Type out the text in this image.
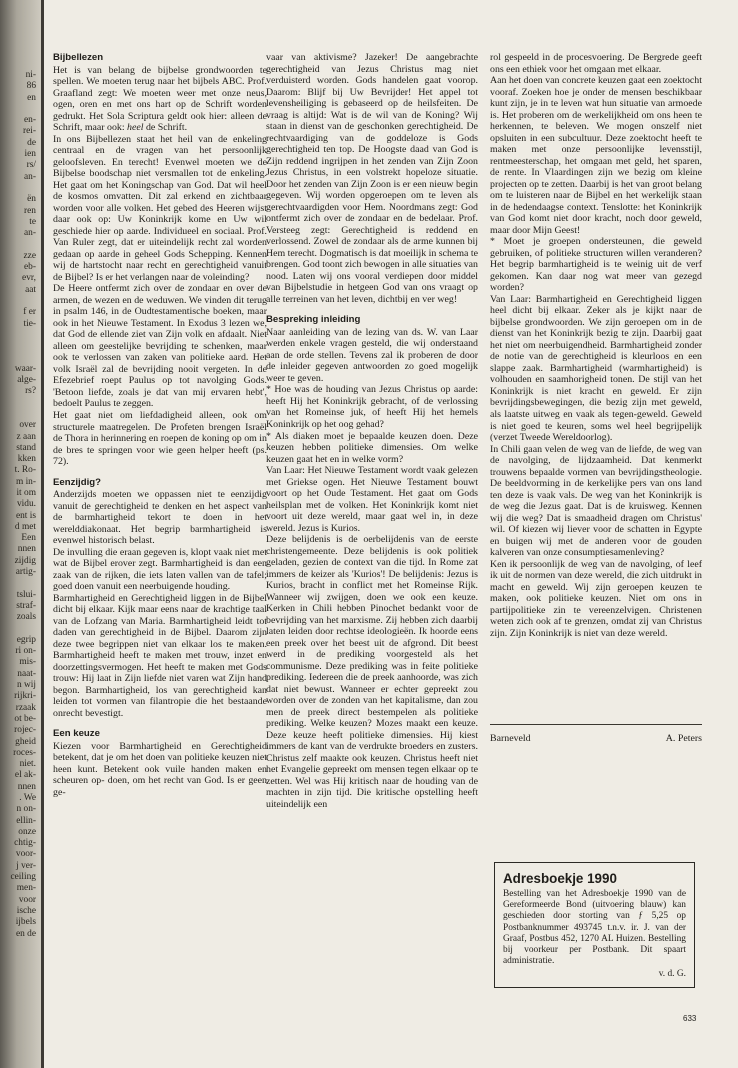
ni-
86
en

en-
rei-
de
ien
rs/
an-

ën
ren
te
an-

zze
eb-
evr,
aat

f er
tie-

waar-
alge-
rs?

over
z aan
stand
kken
t. Ro-
m in-
it om
vidu.
ent is
d met
Een
nnen
zijdig
artig-

tslui-
straf-
zoals

egrip
ri on-
mis-
naat-
n wij
rijkri-
rzaak
ot be-
rojec-
gheid
roces-
niet.
el ak-
nnen
. We
n on-
ellin-
onze
chtig-
voor-
j ver-
ceiling
men-
voor
ische
ijbels
en de

Bijbellezen

Het is van belang de bijbelse grondwoorden te spellen. We moeten terug naar het bijbels ABC. Prof. Graafland zegt: We moeten weer met onze neus, ogen, oren en met ons hart op de Schrift worden gedrukt. Het Sola Scriptura geldt ook hier: alleen de Schrift, maar ook: heel de Schrift.

In ons Bijbellezen staat het heil van de enkeling centraal en de vragen van het persoonlijk geloofsleven. En terecht! Evenwel moeten we de Bijbelse boodschap niet versmallen tot de enkeling. Het gaat om het Koningschap van God. Dat wil heel de kosmos omvatten. Dit zal erkend en zichtbaar worden voor alle volken. Het gebed des Heeren wijst daar ook op: Uw Koninkrijk kome en Uw wil geschiede hier op aarde. Individueel en sociaal. Prof. Van Ruler zegt, dat er uiteindelijk recht zal worden gedaan op aarde in geheel Gods Schepping. Kennen wij de hartstocht naar recht en gerechtigheid vanuit de Bijbel? Is er het verlangen naar de voleinding?

De Heere ontfermt zich over de zondaar en over de armen, de wezen en de weduwen. We vinden dit terug in psalm 146, in de Oudtestamentische boeken, maar ook in het Nieuwe Testament. In Exodus 3 lezen we, dat God de ellende ziet van Zijn volk en afdaalt. Niet alleen om geestelijke bevrijding te schenken, maar ook te verlossen van zaken van politieke aard. Het volk Israël zal de bevrijding nooit vergeten. In de Efezebrief roept Paulus op tot navolging Gods. 'Betoon liefde, zoals je dat van mij ervaren hebt', bedoelt Paulus te zeggen.

Het gaat niet om liefdadigheid alleen, ook om structurele maatregelen. De Profeten brengen Israël de Thora in herinnering en roepen de koning op om in de bres te springen voor wie geen helper heeft (ps. 72).

Eenzijdig?

Anderzijds moeten we oppassen niet te eenzijdig vanuit de gerechtigheid te denken en het aspect van de barmhartigheid tekort te doen in het werelddiakonaat. Het begrip barmhartigheid is evenwel historisch belast.

De invulling die eraan gegeven is, klopt vaak niet met wat de Bijbel erover zegt. Barmhartigheid is dan een zaak van de rijken, die iets laten vallen van de tafel; goed doen vanuit een neerbuigende houding.

Barmhartigheid en Gerechtigheid liggen in de Bijbel dicht bij elkaar. Kijk maar eens naar de krachtige taal van de Lofzang van Maria. Barmhartigheid leidt tot daden van gerechtigheid in de Bijbel. Daarom zijn deze twee begrippen niet van elkaar los te maken. Barmhartigheid heeft te maken met trouw, inzet en doorzettingsvermogen. Het heeft te maken met Gods trouw: Hij laat in Zijn liefde niet varen wat Zijn hand begon. Barmhartigheid, los van gerechtigheid kan leiden tot vormen van filantropie die het bestaande onrecht bevestigt.

Een keuze

Kiezen voor Barmhartigheid en Gerechtigheid betekent, dat je om het doen van politieke keuzen niet heen kunt. Betekent ook vuile handen maken en scheuren op- doen, om het recht van God. Is er geen ge-

vaar van aktivisme? Jazeker! De aangebrachte gerechtigheid van Jezus Christus mag niet verduisterd worden. Gods handelen gaat voorop. Daarom: Blijf bij Uw Bevrijder! Het appel tot levensheiliging is gebaseerd op de heilsfeiten. De vraag is altijd: Wat is de wil van de Koning? Wij staan in dienst van de geschonken gerechtigheid. De rechtvaardiging van de goddeloze is Gods gerechtigheid ten top. De Hoogste daad van God is Zijn reddend ingrijpen in het zenden van Zijn Zoon Jezus Christus, in een volstrekt hopeloze situatie. Door het zenden van Zijn Zoon is er een nieuw begin gegeven. Wij worden opgeroepen om te leven als gerechtvaardigden voor Hem. Noordmans zegt: God ontfermt zich over de zondaar en de bedelaar. Prof. Versteeg zegt: Gerechtigheid is reddend en verlossend. Zowel de zondaar als de arme kunnen bij Hem terecht. Dogmatisch is dat moeilijk in schema te brengen. God toont zich bewogen in alle situaties van nood. Laten wij ons vooral verdiepen door middel van Bijbelstudie in hetgeen God van ons vraagt op alle terreinen van het leven, dichtbij en ver weg!

Bespreking inleiding

Naar aanleiding van de lezing van ds. W. van Laar werden enkele vragen gesteld, die wij onderstaand aan de orde stellen. Tevens zal ik proberen de door de inleider gegeven antwoorden zo goed mogelijk weer te geven.

* Hoe was de houding van Jezus Christus op aarde: heeft Hij het Koninkrijk gebracht, of de verlossing van het Romeinse juk, of heeft Hij het hemels Koninkrijk op het oog gehad?

* Als diaken moet je bepaalde keuzen doen. Deze keuzen hebben politieke dimensies. Om welke keuzen gaat het en in welke vorm?

Van Laar: Het Nieuwe Testament wordt vaak gelezen met Griekse ogen. Het Nieuwe Testament bouwt voort op het Oude Testament. Het gaat om Gods heilsplan met de volken. Het Koninkrijk komt niet voort uit deze wereld, maar gaat wel in, in deze wereld. Jezus is Kurios.

Deze belijdenis is de oerbelijdenis van de eerste christengemeente. Deze belijdenis is ook politiek geladen, gezien de context van die tijd. In Rome zat immers de keizer als 'Kurios'! De belijdenis: Jezus is Kurios, bracht in conflict met het Romeinse Rijk. Wanneer wij zwijgen, doen we ook een keuze. Kerken in Chili hebben Pinochet bedankt voor de bevrijding van het marxisme. Zij hebben zich daarbij laten leiden door rechtse ideologieën. Ik hoorde eens een preek over het beest uit de afgrond. Dit beest werd in de prediking voorgesteld als het communisme. Deze prediking was in feite politieke prediking. Iedereen die de preek aanhoorde, was zich dat niet bewust. Wanneer er echter gepreekt zou worden over de zonden van het kapitalisme, dan zou men de preek direct bestempelen als politieke prediking. Welke keuzen? Mozes maakt een keuze. Deze keuze heeft politieke dimensies. Hij kiest immers de kant van de verdrukte broeders en zusters. Christus zelf maakte ook keuzen. Christus heeft niet het Evangelie gepreekt om mensen tegen elkaar op te zetten. Wel was Hij kritisch naar de houding van de machten in zijn tijd. Die kritische opstelling heeft uiteindelijk een

rol gespeeld in de procesvoering. De Bergrede geeft ons een ethiek voor het omgaan met elkaar.

Aan het doen van concrete keuzen gaat een zoektocht vooraf. Zoeken hoe je onder de mensen beschikbaar kunt zijn, je in te leven wat hun situatie van armoede is. Het proberen om de werkelijkheid om ons heen te herkennen, te beleven. We mogen onszelf niet opsluiten in een subcultuur. Deze zoektocht heeft te maken met onze persoonlijke levensstijl, rentmeesterschap, het omgaan met geld, het sparen, de rente. In Vlaardingen zijn we bezig om kleine projecten op te zetten. Daarbij is het van groot belang om te luisteren naar de Bijbel en het werkelijk staan in de hedendaagse context. Tenslotte: het Koninkrijk van God komt niet door kracht, noch door geweld, maar door Mijn Geest!

* Moet je groepen ondersteunen, die geweld gebruiken, of politieke structuren willen veranderen? Het begrip barmhartigheid is te weinig uit de verf gekomen. Kan daar nog wat meer van gezegd worden?

Van Laar: Barmhartigheid en Gerechtigheid liggen heel dicht bij elkaar. Zeker als je kijkt naar de bijbelse grondwoorden. We zijn geroepen om in de dienst van het Koninkrijk bezig te zijn. Daarbij gaat het niet om neerbuigendheid. Barmhartigheid zonder de notie van de gerechtigheid is kleurloos en een slappe zaak. Barmhartigheid (warmhartigheid) is volhouden en saamhorigheid tonen. De stijl van het Koninkrijk is niet kracht en geweld. Er zijn bevrijdingsbewegingen, die bezig zijn met geweld, als laatste uitweg en vaak als tegen-geweld. Geweld is niet goed te keuren, soms wel heel begrijpelijk (verzet Tweede Wereldoorlog).

In Chili gaan velen de weg van de liefde, de weg van de navolging, de lijdzaamheid. Dat kenmerkt trouwens bepaalde vormen van bevrijdingstheologie. De beeldvorming in de kerkelijke pers van ons land ten deze is vaak vals. De weg van het Koninkrijk is de weg die Jezus gaat. Dat is de kruisweg. Kennen wij die weg? Dat is smaadheid dragen om Christus' wil. Of kiezen wij liever voor de schatten in Egypte en buigen wij met de anderen voor de gouden kalveren van onze consumptiesamenleving?

Ken ik persoonlijk de weg van de navolging, of leef ik uit de normen van deze wereld, die zich uitdrukt in macht en geweld. Wij zijn geroepen keuzen te maken, ook politieke keuzen. Niet om ons in partijpolitieke zin te vereenzelvigen. Christenen weten zich ook af te grenzen, omdat zij van Christus zijn. Zijn Koninkrijk is niet van deze wereld.

Barneveld	A. Peters
Adresboekje 1990
Bestelling van het Adresboekje 1990 van de Gereformeerde Bond (uitvoering blauw) kan geschieden door storting van ƒ 5,25 op Postbanknummer 493745 t.n.v. ir. J. van der Graaf, Postbus 452, 1270 AL Huizen. Bestelling bij voorkeur per Postbank. Dit spaart administratie.
v. d. G.
633
